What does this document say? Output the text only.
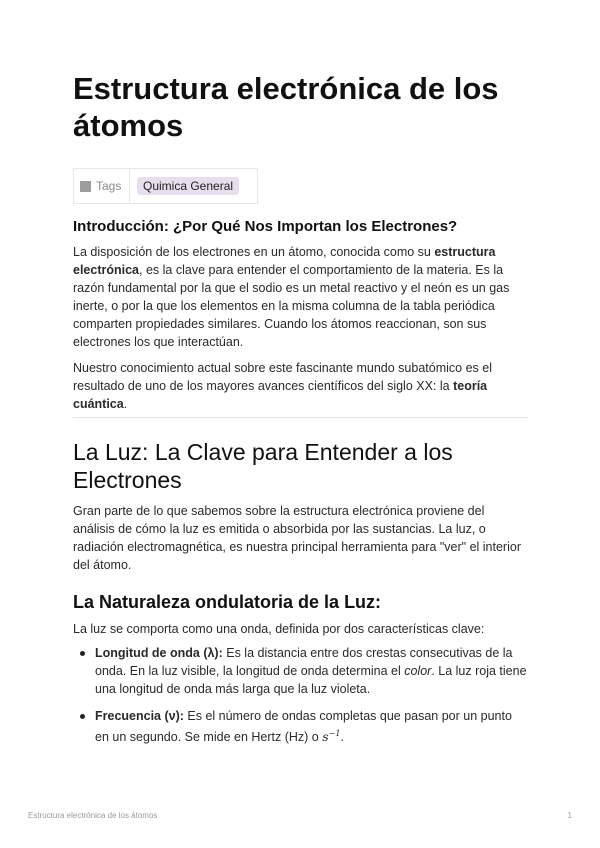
Estructura electrónica de los átomos
Tags	Quimica General
Introducción: ¿Por Qué Nos Importan los Electrones?

La disposición de los electrones en un átomo, conocida como su estructura electrónica, es la clave para entender el comportamiento de la materia. Es la razón fundamental por la que el sodio es un metal reactivo y el neón es un gas inerte, o por la que los elementos en la misma columna de la tabla periódica comparten propiedades similares. Cuando los átomos reaccionan, son sus electrones los que interactúan.

Nuestro conocimiento actual sobre este fascinante mundo subatómico es el resultado de uno de los mayores avances científicos del siglo XX: la teoría cuántica.

La Luz: La Clave para Entender a los Electrones

Gran parte de lo que sabemos sobre la estructura electrónica proviene del análisis de cómo la luz es emitida o absorbida por las sustancias. La luz, o radiación electromagnética, es nuestra principal herramienta para "ver" el interior del átomo.

La Naturaleza ondulatoria de la Luz:

La luz se comporta como una onda, definida por dos características clave:

Longitud de onda (λ): Es la distancia entre dos crestas consecutivas de la onda. En la luz visible, la longitud de onda determina el color. La luz roja tiene una longitud de onda más larga que la luz violeta.
Frecuencia (ν): Es el número de ondas completas que pasan por un punto en un segundo. Se mide en Hertz (Hz) o $s^{-1}$.
Estructura electrónica de los átomos	1
